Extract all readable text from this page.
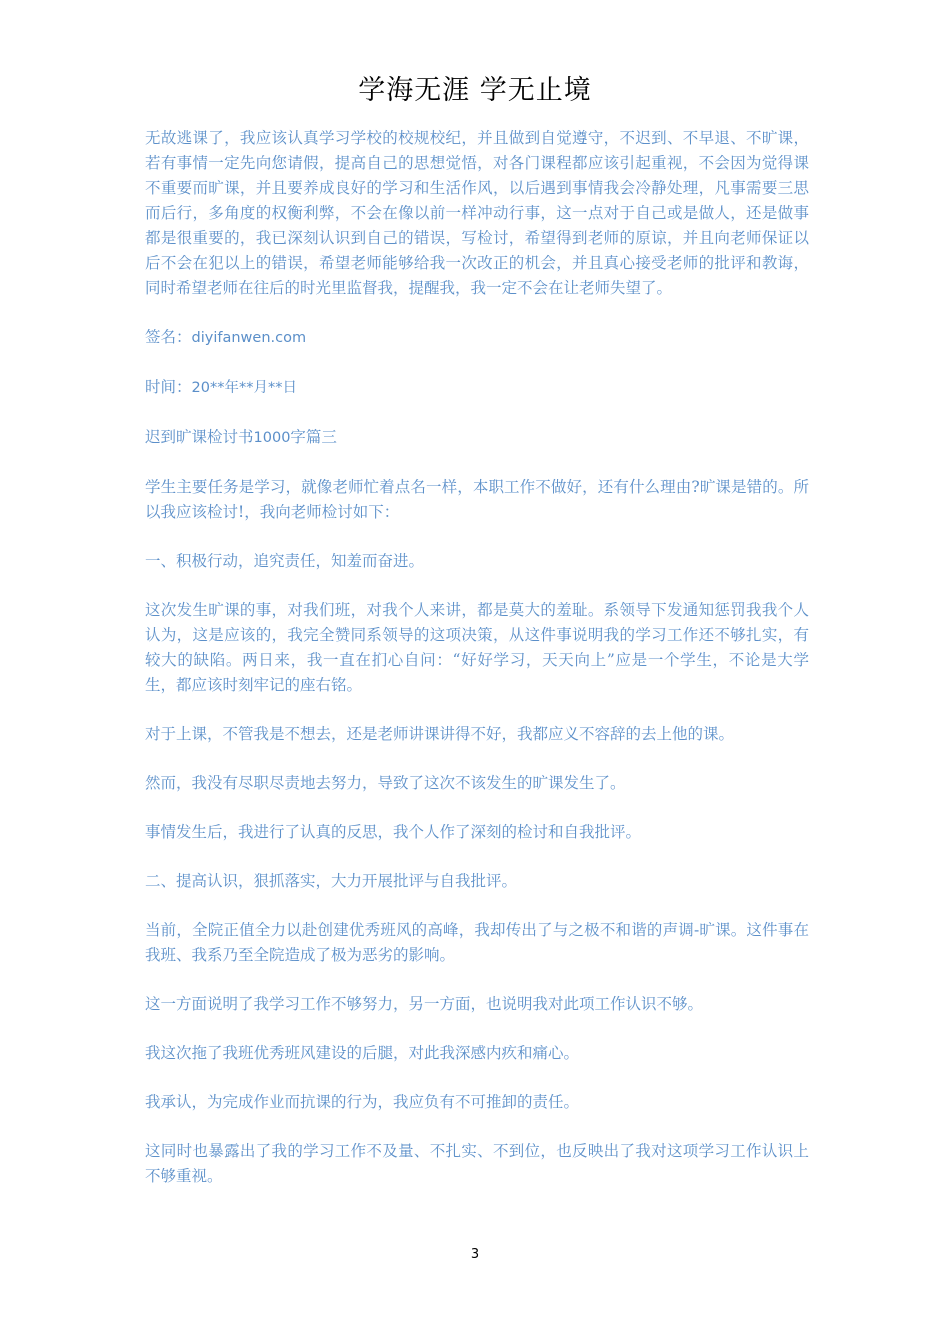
学海无涯 学无止境

无故逃课了，我应该认真学习学校的校规校纪，并且做到自觉遵守，不迟到、不早退、不旷课，若有事情一定先向您请假，提高自己的思想觉悟，对各门课程都应该引起重视，不会因为觉得课不重要而旷课，并且要养成良好的学习和生活作风，以后遇到事情我会冷静处理，凡事需要三思而后行，多角度的权衡利弊，不会在像以前一样冲动行事，这一点对于自己或是做人，还是做事都是很重要的，我已深刻认识到自己的错误，写检讨，希望得到老师的原谅，并且向老师保证以后不会在犯以上的错误，希望老师能够给我一次改正的机会，并且真心接受老师的批评和教诲，同时希望老师在往后的时光里监督我，提醒我，我一定不会在让老师失望了。

签名：diyifanwen.com

时间：20**年**月**日

迟到旷课检讨书1000字篇三

学生主要任务是学习，就像老师忙着点名一样，本职工作不做好，还有什么理由?旷课是错的。所以我应该检讨!，我向老师检讨如下：

一、积极行动，追究责任，知羞而奋进。

这次发生旷课的事，对我们班，对我个人来讲，都是莫大的羞耻。系领导下发通知惩罚我我个人认为，这是应该的，我完全赞同系领导的这项决策，从这件事说明我的学习工作还不够扎实，有较大的缺陷。两日来，我一直在扪心自问：“好好学习，天天向上”应是一个学生，不论是大学生，都应该时刻牢记的座右铭。

对于上课，不管我是不想去，还是老师讲课讲得不好，我都应义不容辞的去上他的课。

然而，我没有尽职尽责地去努力，导致了这次不该发生的旷课发生了。

事情发生后，我进行了认真的反思，我个人作了深刻的检讨和自我批评。

二、提高认识，狠抓落实，大力开展批评与自我批评。

当前，全院正值全力以赴创建优秀班风的高峰，我却传出了与之极不和谐的声调-旷课。这件事在我班、我系乃至全院造成了极为恶劣的影响。

这一方面说明了我学习工作不够努力，另一方面，也说明我对此项工作认识不够。

我这次拖了我班优秀班风建设的后腿，对此我深感内疚和痛心。

我承认，为完成作业而抗课的行为，我应负有不可推卸的责任。

这同时也暴露出了我的学习工作不及量、不扎实、不到位，也反映出了我对这项学习工作认识上不够重视。

3
